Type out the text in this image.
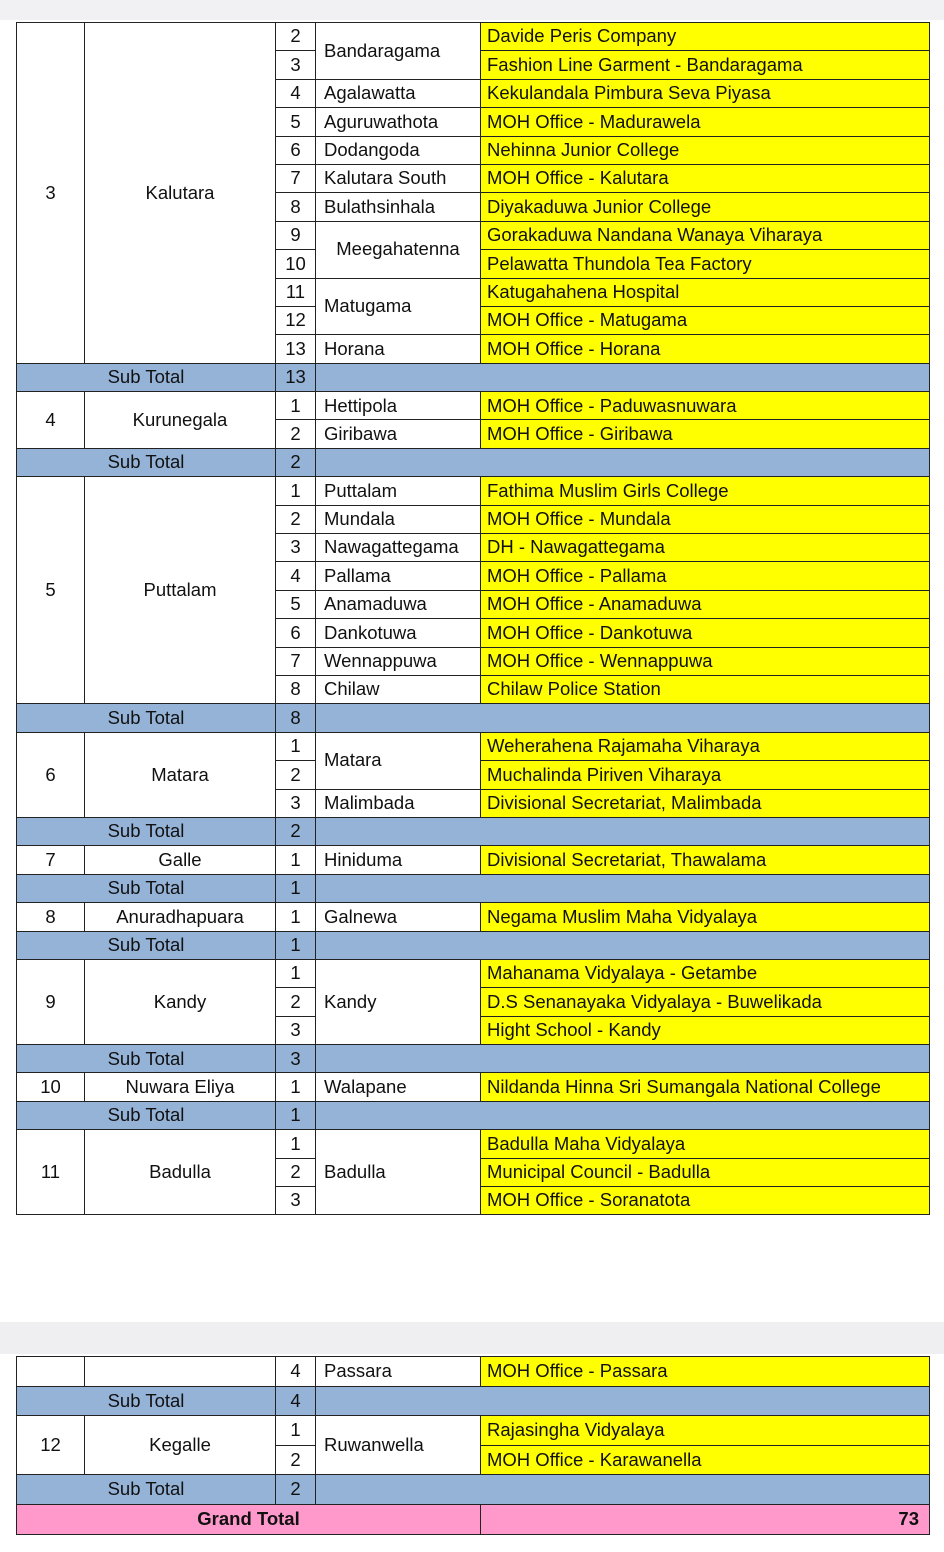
3	Kalutara	2	Bandaragama	Davide Peris Company
		3		Fashion Line Garment - Bandaragama
		4	Agalawatta	Kekulandala Pimbura Seva Piyasa
		5	Aguruwathota	MOH Office - Madurawela
		6	Dodangoda	Nehinna Junior College
		7	Kalutara South	MOH Office - Kalutara
		8	Bulathsinhala	Diyakaduwa Junior College
		9	Meegahatenna	Gorakaduwa Nandana Wanaya Viharaya
		10		Pelawatta Thundola Tea Factory
		11	Matugama	Katugahahena Hospital
		12		MOH Office - Matugama
		13	Horana	MOH Office - Horana
Sub Total		13		
4	Kurunegala	1	Hettipola	MOH Office - Paduwasnuwara
		2	Giribawa	MOH Office - Giribawa
Sub Total		2		
5	Puttalam	1	Puttalam	Fathima Muslim Girls College
		2	Mundala	MOH Office - Mundala
		3	Nawagattegama	DH - Nawagattegama
		4	Pallama	MOH Office - Pallama
		5	Anamaduwa	MOH Office - Anamaduwa
		6	Dankotuwa	MOH Office - Dankotuwa
		7	Wennappuwa	MOH Office - Wennappuwa
		8	Chilaw	Chilaw Police Station
Sub Total		8		
6	Matara	1	Matara	Weherahena Rajamaha Viharaya
		2		Muchalinda Piriven Viharaya
		3	Malimbada	Divisional Secretariat, Malimbada
Sub Total		2		
7	Galle	1	Hiniduma	Divisional Secretariat, Thawalama
Sub Total		1		
8	Anuradhapuara	1	Galnewa	Negama Muslim Maha Vidyalaya
Sub Total		1		
9	Kandy	1	Kandy	Mahanama Vidyalaya - Getambe
		2		D.S Senanayaka Vidyalaya - Buwelikada
		3		Hight School - Kandy
Sub Total		3		
10	Nuwara Eliya	1	Walapane	Nildanda Hinna Sri Sumangala National College
Sub Total		1		
11	Badulla	1	Badulla	Badulla Maha Vidyalaya
		2		Municipal Council - Badulla
		3		MOH Office - Soranatota
		4	Passara	MOH Office - Passara
Sub Total		4		
12	Kegalle	1	Ruwanwella	Rajasingha Vidyalaya
		2		MOH Office - Karawanella
Sub Total		2		
Grand Total				73
